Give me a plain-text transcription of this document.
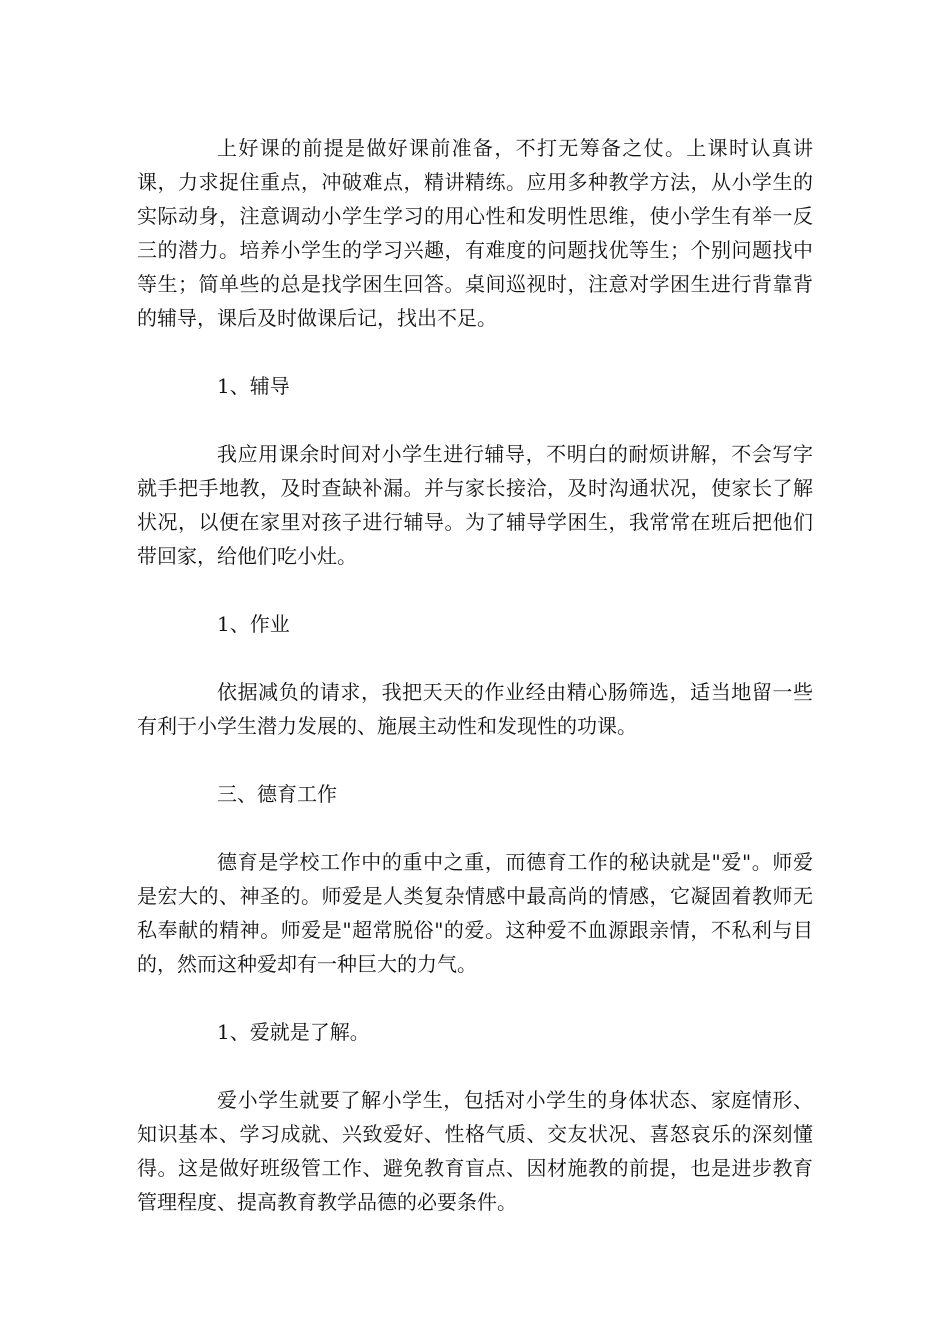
上好课的前提是做好课前准备，不打无筹备之仗。上课时认真讲课，力求捉住重点，冲破难点，精讲精练。应用多种教学方法，从小学生的实际动身，注意调动小学生学习的用心性和发明性思维，使小学生有举一反三的潜力。培养小学生的学习兴趣，有难度的问题找优等生；个别问题找中等生；简单些的总是找学困生回答。桌间巡视时，注意对学困生进行背靠背的辅导，课后及时做课后记，找出不足。

1、辅导

我应用课余时间对小学生进行辅导，不明白的耐烦讲解，不会写字就手把手地教，及时查缺补漏。并与家长接洽，及时沟通状况，使家长了解状况，以便在家里对孩子进行辅导。为了辅导学困生，我常常在班后把他们带回家，给他们吃小灶。

1、作业

依据减负的请求，我把天天的作业经由精心肠筛选，适当地留一些有利于小学生潜力发展的、施展主动性和发现性的功课。

三、德育工作

德育是学校工作中的重中之重，而德育工作的秘诀就是"爱"。师爱是宏大的、神圣的。师爱是人类复杂情感中最高尚的情感，它凝固着教师无私奉献的精神。师爱是"超常脱俗"的爱。这种爱不血源跟亲情，不私利与目的，然而这种爱却有一种巨大的力气。

1、爱就是了解。

爱小学生就要了解小学生，包括对小学生的身体状态、家庭情形、知识基本、学习成就、兴致爱好、性格气质、交友状况、喜怒哀乐的深刻懂得。这是做好班级管工作、避免教育盲点、因材施教的前提，也是进步教育管理程度、提高教育教学品德的必要条件。
